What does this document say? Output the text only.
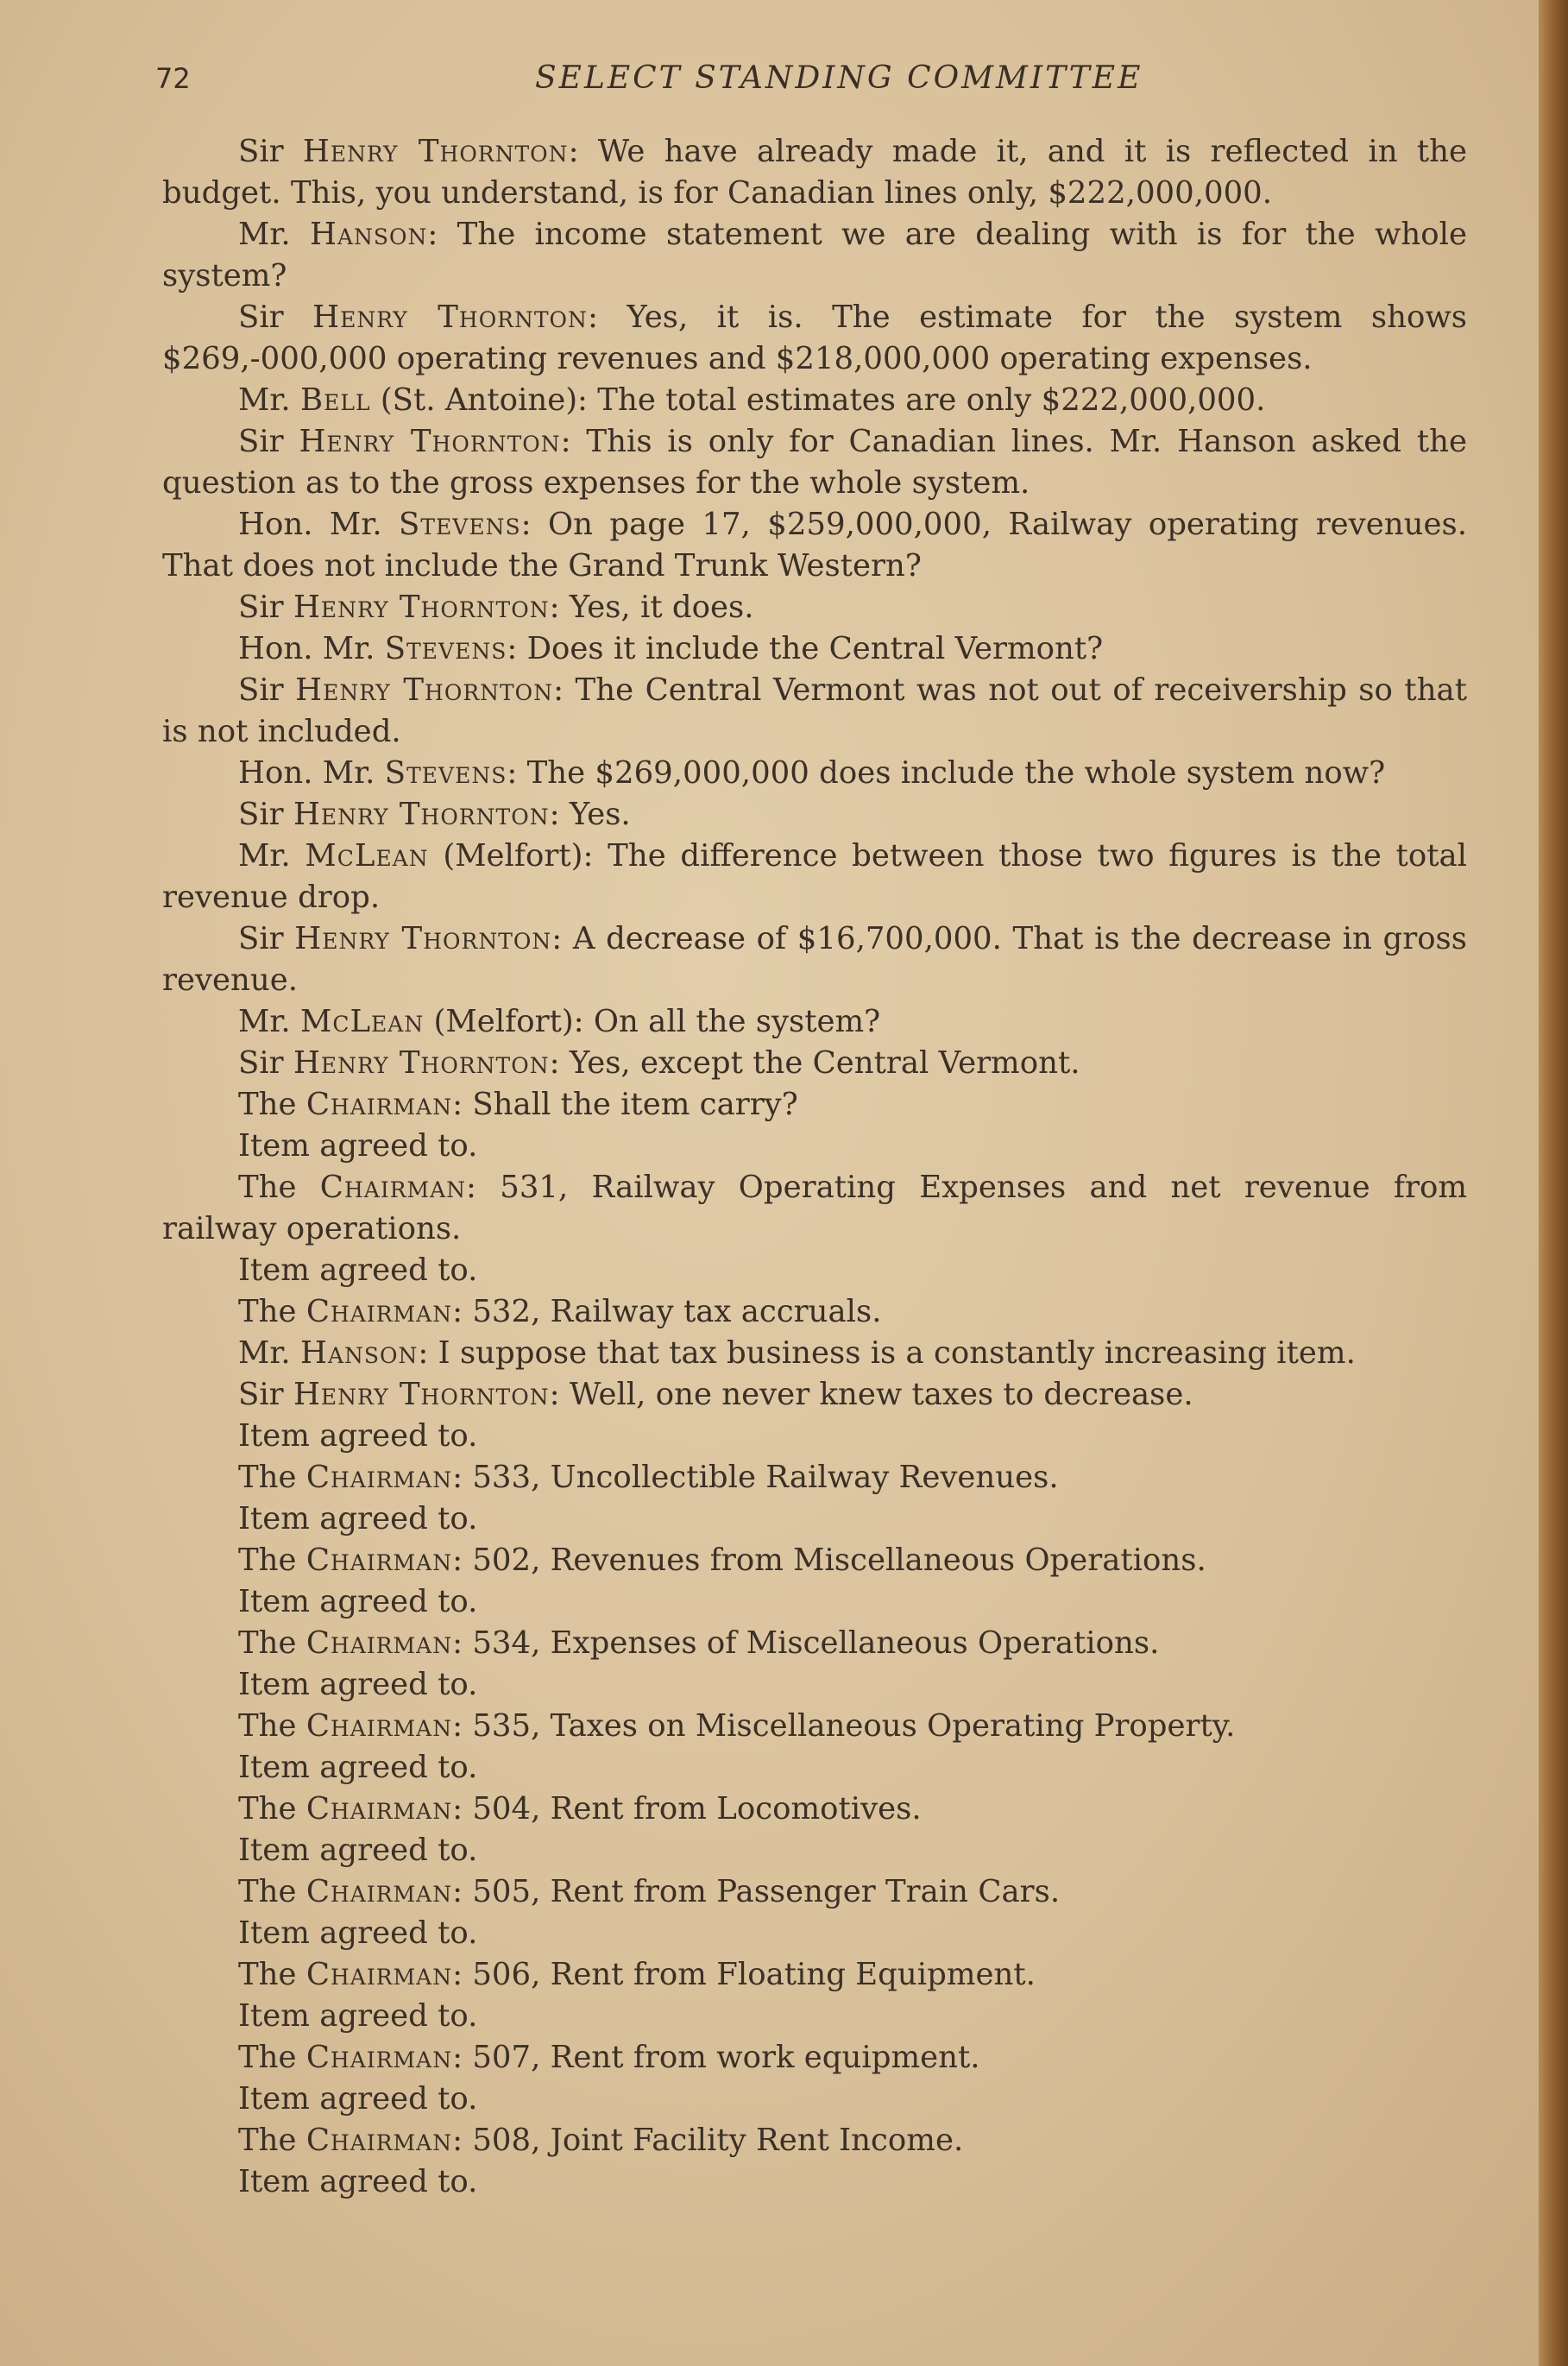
72	SELECT STANDING COMMITTEE

Sir Henry Thornton: We have already made it, and it is reflected in the budget. This, you understand, is for Canadian lines only, $222,000,000.

Mr. Hanson: The income statement we are dealing with is for the whole system?

Sir Henry Thornton: Yes, it is. The estimate for the system shows $269,-000,000 operating revenues and $218,000,000 operating expenses.

Mr. Bell (St. Antoine): The total estimates are only $222,000,000.

Sir Henry Thornton: This is only for Canadian lines. Mr. Hanson asked the question as to the gross expenses for the whole system.

Hon. Mr. Stevens: On page 17, $259,000,000, Railway operating revenues. That does not include the Grand Trunk Western?

Sir Henry Thornton: Yes, it does.

Hon. Mr. Stevens: Does it include the Central Vermont?

Sir Henry Thornton: The Central Vermont was not out of receivership so that is not included.

Hon. Mr. Stevens: The $269,000,000 does include the whole system now?

Sir Henry Thornton: Yes.

Mr. McLean (Melfort): The difference between those two figures is the total revenue drop.

Sir Henry Thornton: A decrease of $16,700,000. That is the decrease in gross revenue.

Mr. McLean (Melfort): On all the system?

Sir Henry Thornton: Yes, except the Central Vermont.

The Chairman: Shall the item carry?

Item agreed to.

The Chairman: 531, Railway Operating Expenses and net revenue from railway operations.

Item agreed to.

The Chairman: 532, Railway tax accruals.

Mr. Hanson: I suppose that tax business is a constantly increasing item.

Sir Henry Thornton: Well, one never knew taxes to decrease.

Item agreed to.

The Chairman: 533, Uncollectible Railway Revenues.

Item agreed to.

The Chairman: 502, Revenues from Miscellaneous Operations.

Item agreed to.

The Chairman: 534, Expenses of Miscellaneous Operations.

Item agreed to.

The Chairman: 535, Taxes on Miscellaneous Operating Property.

Item agreed to.

The Chairman: 504, Rent from Locomotives.

Item agreed to.

The Chairman: 505, Rent from Passenger Train Cars.

Item agreed to.

The Chairman: 506, Rent from Floating Equipment.

Item agreed to.

The Chairman: 507, Rent from work equipment.

Item agreed to.

The Chairman: 508, Joint Facility Rent Income.

Item agreed to.
